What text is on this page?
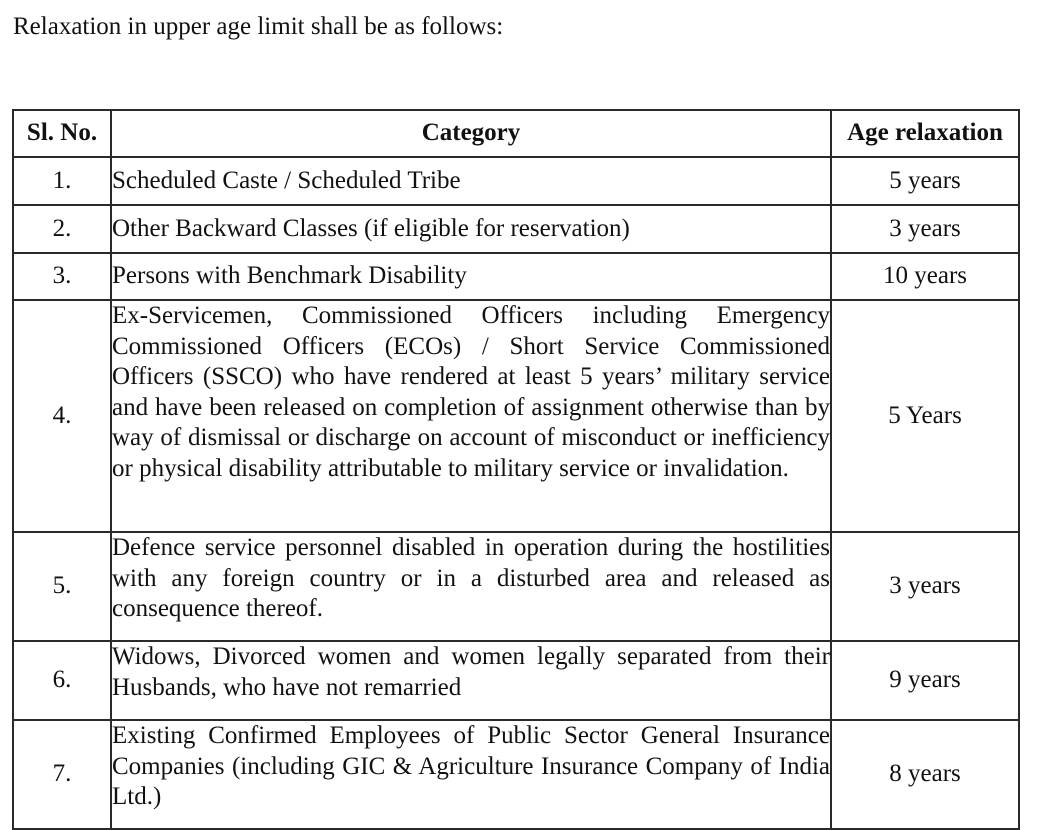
Relaxation in upper age limit shall be as follows:
Sl. No.	Category	Age relaxation
1.	Scheduled Caste / Scheduled Tribe	5 years
2.	Other Backward Classes (if eligible for reservation)	3 years
3.	Persons with Benchmark Disability	10 years
4.	Ex-Servicemen, Commissioned Officers including Emergency Commissioned Officers (ECOs) / Short Service Commissioned Officers (SSCO) who have rendered at least 5 years’ military service and have been released on completion of assignment otherwise than by way of dismissal or discharge on account of misconduct or inefficiency or physical disability attributable to military service or invalidation.	5 Years
5.	Defence service personnel disabled in operation during the hostilities with any foreign country or in a disturbed area and released as consequence thereof.	3 years
6.	Widows, Divorced women and women legally separated from their Husbands, who have not remarried	9 years
7.	Existing Confirmed Employees of Public Sector General Insurance Companies (including GIC & Agriculture Insurance Company of India Ltd.)	8 years
